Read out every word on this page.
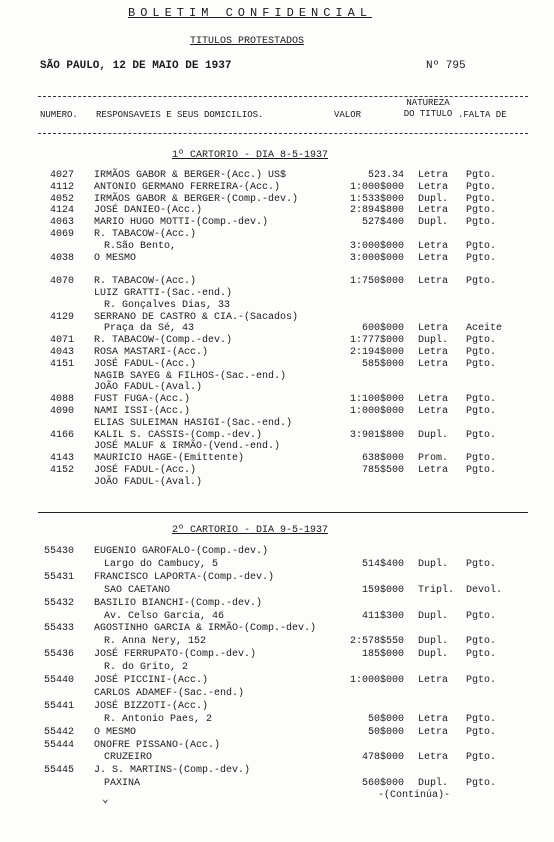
BOLETIM CONFIDENCIAL
TITULOS PROTESTADOS
SÃO PAULO, 12 DE MAIO DE 1937	Nº 795
NUMERO. RESPONSAVEIS E SEUS DOMICILIOS.	VALOR
NATUREZA DO TITULO .FALTA DE
1º CARTORIO - DIA 8-5-1937
4027 IRMÃOS GABOR & BERGER-(Acc.) US$	523.34 Letra Pgto.
4112 ANTONIO GERMANO FERREIRA-(Acc.)	1:000$000 Letra Pgto.
4052 IRMÃOS GABOR & BERGER-(Comp.-dev.)	1:533$000 Dupl. Pgto.
4124 JOSÉ DANIEO-(Acc.)	2:894$800 Letra Pgto.
4063 MARIO HUGO MOTTI-(Comp.-dev.)	527$400 Dupl. Pgto.
4069 R. TABACOW-(Acc.)
R.São Bento,	3:000$000 Letra Pgto.
4038 O MESMO	3:000$000 Letra Pgto.
4070 R. TABACOW-(Acc.)	1:750$000 Letra Pgto.
LUIZ GRATTI-(Sac.-end.)
R. Gonçalves Dias, 33
4129 SERRANO DE CASTRO & CIA.-(Sacados)
Praça da Sé, 43	600$000 Letra Aceite
4071 R. TABACOW-(Comp.-dev.)	1:777$000 Dupl. Pgto.
4043 ROSA MASTARI-(Acc.)	2:194$000 Letra Pgto.
4151 JOSÉ FADUL-(Acc.)	585$000 Letra Pgto.
NAGIB SAYEG & FILHOS-(Sac.-end.)
JOÃO FADUL-(Aval.)
4088 FUST FUGA-(Acc.)	1:100$000 Letra Pgto.
4090 NAMI ISSI-(Acc.)	1:000$000 Letra Pgto.
ELIAS SULEIMAN HASIGI-(Sac.-end.)
4166 KALIL S. CASSIS-(Comp.-dev.)	3:901$800 Dupl. Pgto.
JOSÉ MALUF & IRMÃO-(Vend.-end.)
4143 MAURICIO HAGE-(Emittente)	638$000 Prom. Pgto.
4152 JOSÉ FADUL-(Acc.)	785$500 Letra Pgto.
JOÃO FADUL-(Aval.)
2º CARTORIO - DIA 9-5-1937
55430 EUGENIO GAROFALO-(Comp.-dev.)
Largo do Cambucy, 5	514$400 Dupl. Pgto.
55431 FRANCISCO LAPORTA-(Comp.-dev.)
SAO CAETANO	159$000 Tripl. Devol.
55432 BASILIO BIANCHI-(Comp.-dev.)
Av. Celso Garcia, 46	411$300 Dupl. Pgto.
55433 AGOSTINHO GARCIA & IRMÃO-(Comp.-dev.)
R. Anna Nery, 152	2:578$550 Dupl. Pgto.
55436 JOSÉ FERRUPATO-(Comp.-dev.)	185$000 Dupl. Pgto.
R. do Grito, 2
55440 JOSÉ PICCINI-(Acc.)	1:000$000 Letra Pgto.
CARLOS ADAMEF-(Sac.-end.)
55441 JOSÉ BIZZOTI-(Acc.)
R. Antonio Paes, 2	50$000 Letra Pgto.
55442 O MESMO	50$000 Letra Pgto.
55444 ONOFRE PISSANO-(Acc.)
CRUZEIRO	478$000 Letra Pgto.
55445 J. S. MARTINS-(Comp.-dev.)
PAXINA	560$000 Dupl. Pgto.
⌄	-(Continúa)-
